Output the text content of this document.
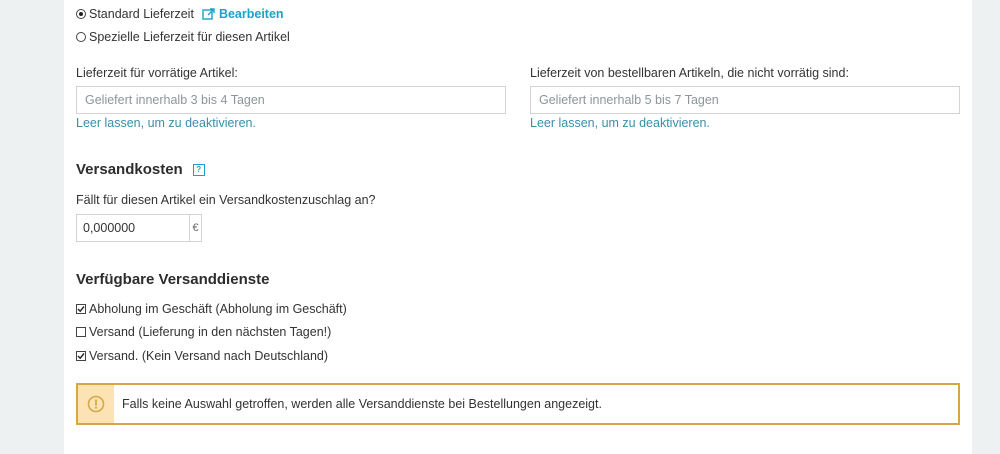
Standard Lieferzeit Bearbeiten
Spezielle Lieferzeit für diesen Artikel
Lieferzeit für vorrätige Artikel:
Geliefert innerhalb 3 bis 4 Tagen
Leer lassen, um zu deaktivieren.
Lieferzeit von bestellbaren Artikeln, die nicht vorrätig sind:
Geliefert innerhalb 5 bis 7 Tagen
Leer lassen, um zu deaktivieren.
Versandkosten	?
Fällt für diesen Artikel ein Versandkostenzuschlag an?
0,000000
€
Verfügbare Versanddienste
Abholung im Geschäft (Abholung im Geschäft)
Versand (Lieferung in den nächsten Tagen!)
Versand. (Kein Versand nach Deutschland)
Falls keine Auswahl getroffen, werden alle Versanddienste bei Bestellungen angezeigt.
